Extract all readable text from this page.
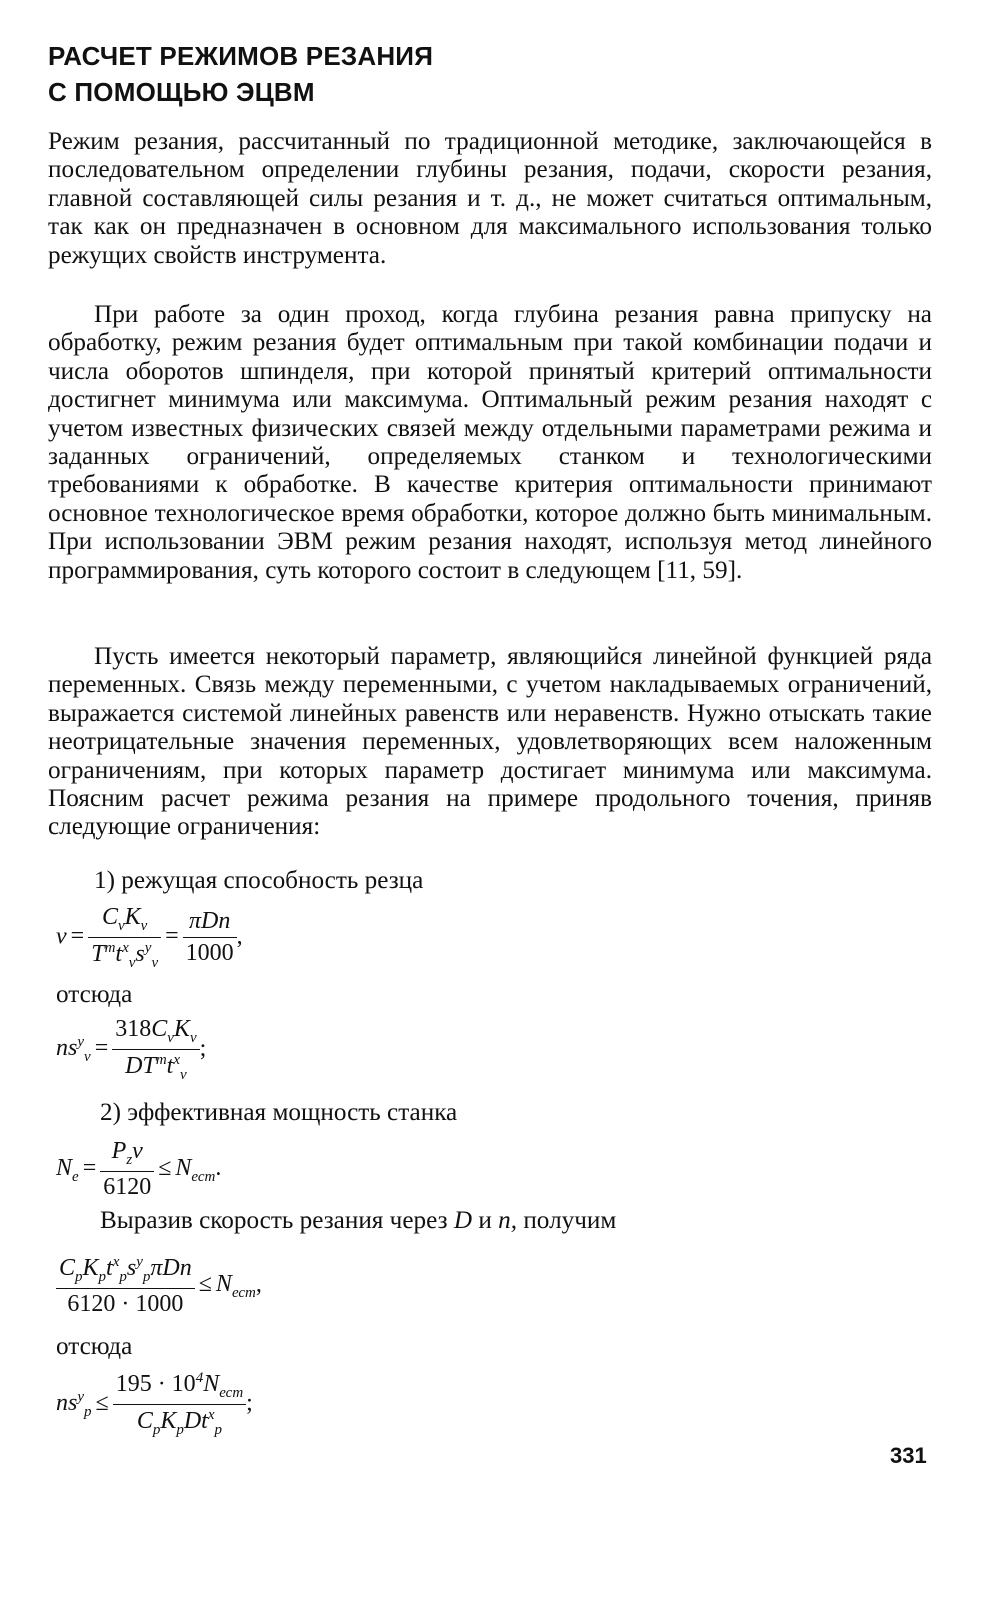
РАСЧЕТ РЕЖИМОВ РЕЗАНИЯ
С ПОМОЩЬЮ ЭЦВМ
Режим резания, рассчитанный по традиционной методике, заключающейся в последовательном определении глубины резания, подачи, скорости резания, главной составляющей силы резания и т. д., не может считаться оптимальным, так как он предназначен в основном для максимального использования только режущих свойств инструмента.
При работе за один проход, когда глубина резания равна припуску на обработку, режим резания будет оптимальным при такой комбинации подачи и числа оборотов шпинделя, при которой принятый критерий оптимальности достигнет минимума или максимума. Оптимальный режим резания находят с учетом известных физических связей между отдельными параметрами режима и заданных ограничений, определяемых станком и технологическими требованиями к обработке. В качестве критерия оптимальности принимают основное технологическое время обработки, которое должно быть минимальным. При использовании ЭВМ режим резания находят, используя метод линейного программирования, суть которого состоит в следующем [11, 59].
Пусть имеется некоторый параметр, являющийся линейной функцией ряда переменных. Связь между переменными, с учетом накладываемых ограничений, выражается системой линейных равенств или неравенств. Нужно отыскать такие неотрицательные значения переменных, удовлетворяющих всем наложенным ограничениям, при которых параметр достигает минимума или максимума. Поясним расчет режима резания на примере продольного точения, приняв следующие ограничения:
1) режущая способность резца
$v = \frac{C_vK_v}{T^mt^x_vs^y_v} = \frac{\text{πDn}}{1000}$ ,
отсюда
$ns^y_v = \frac{318C_vK_v}{DT^mt^x_v}$ ;
2) эффективная мощность станка
$N_e = \frac{P_zv}{6120} \le N_{ест}$.
Выразив скорость резания через D и n, получим
$\frac{C_pK_pt^x_ps^y_p\pi Dn}{6120 \cdot 1000} \le N_{ест}$,
отсюда
$ns^y_p \le \frac{195 \cdot 10^4N_{ест}}{C_pK_pDt^x_p}$ ;
331
